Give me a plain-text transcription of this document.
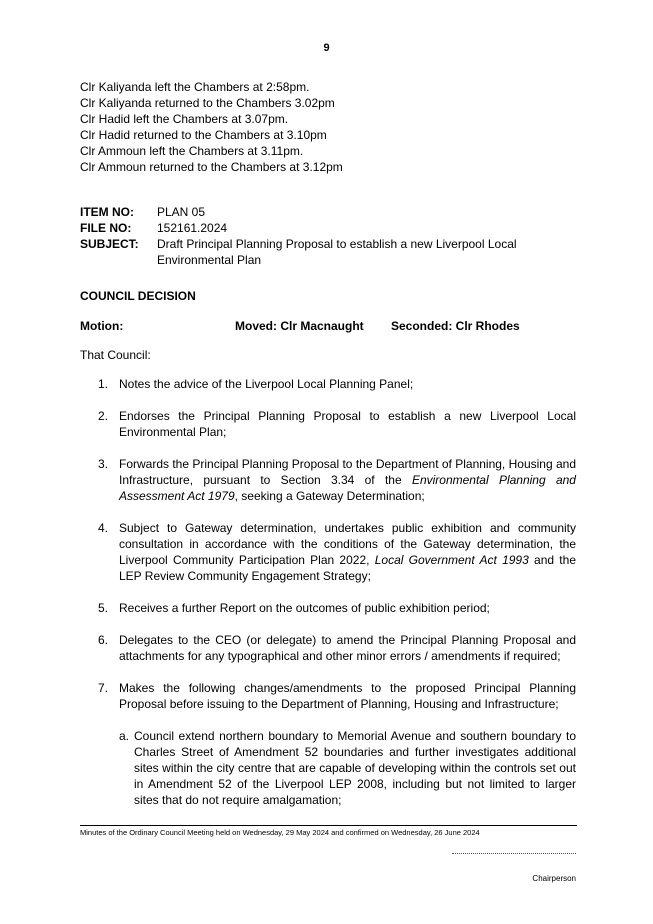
9
Clr Kaliyanda left the Chambers at 2:58pm.
Clr Kaliyanda returned to the Chambers 3.02pm
Clr Hadid left the Chambers at 3.07pm.
Clr Hadid returned to the Chambers at 3.10pm
Clr Ammoun left the Chambers at 3.11pm.
Clr Ammoun returned to the Chambers at 3.12pm
ITEM NO:	PLAN 05
FILE NO:	152161.2024
SUBJECT:	Draft Principal Planning Proposal to establish a new Liverpool Local Environmental Plan
COUNCIL DECISION
Motion:	Moved: Clr Macnaught Seconded: Clr Rhodes
That Council:
1. Notes the advice of the Liverpool Local Planning Panel;
2. Endorses the Principal Planning Proposal to establish a new Liverpool Local Environmental Plan;
3. Forwards the Principal Planning Proposal to the Department of Planning, Housing and Infrastructure, pursuant to Section 3.34 of the Environmental Planning and Assessment Act 1979, seeking a Gateway Determination;
4. Subject to Gateway determination, undertakes public exhibition and community consultation in accordance with the conditions of the Gateway determination, the Liverpool Community Participation Plan 2022, Local Government Act 1993 and the LEP Review Community Engagement Strategy;
5. Receives a further Report on the outcomes of public exhibition period;
6. Delegates to the CEO (or delegate) to amend the Principal Planning Proposal and attachments for any typographical and other minor errors / amendments if required;
7. Makes the following changes/amendments to the proposed Principal Planning Proposal before issuing to the Department of Planning, Housing and Infrastructure;
a. Council extend northern boundary to Memorial Avenue and southern boundary to Charles Street of Amendment 52 boundaries and further investigates additional sites within the city centre that are capable of developing within the controls set out in Amendment 52 of the Liverpool LEP 2008, including but not limited to larger sites that do not require amalgamation;
Minutes of the Ordinary Council Meeting held on Wednesday, 29 May 2024 and confirmed on Wednesday, 26 June 2024
Chairperson
